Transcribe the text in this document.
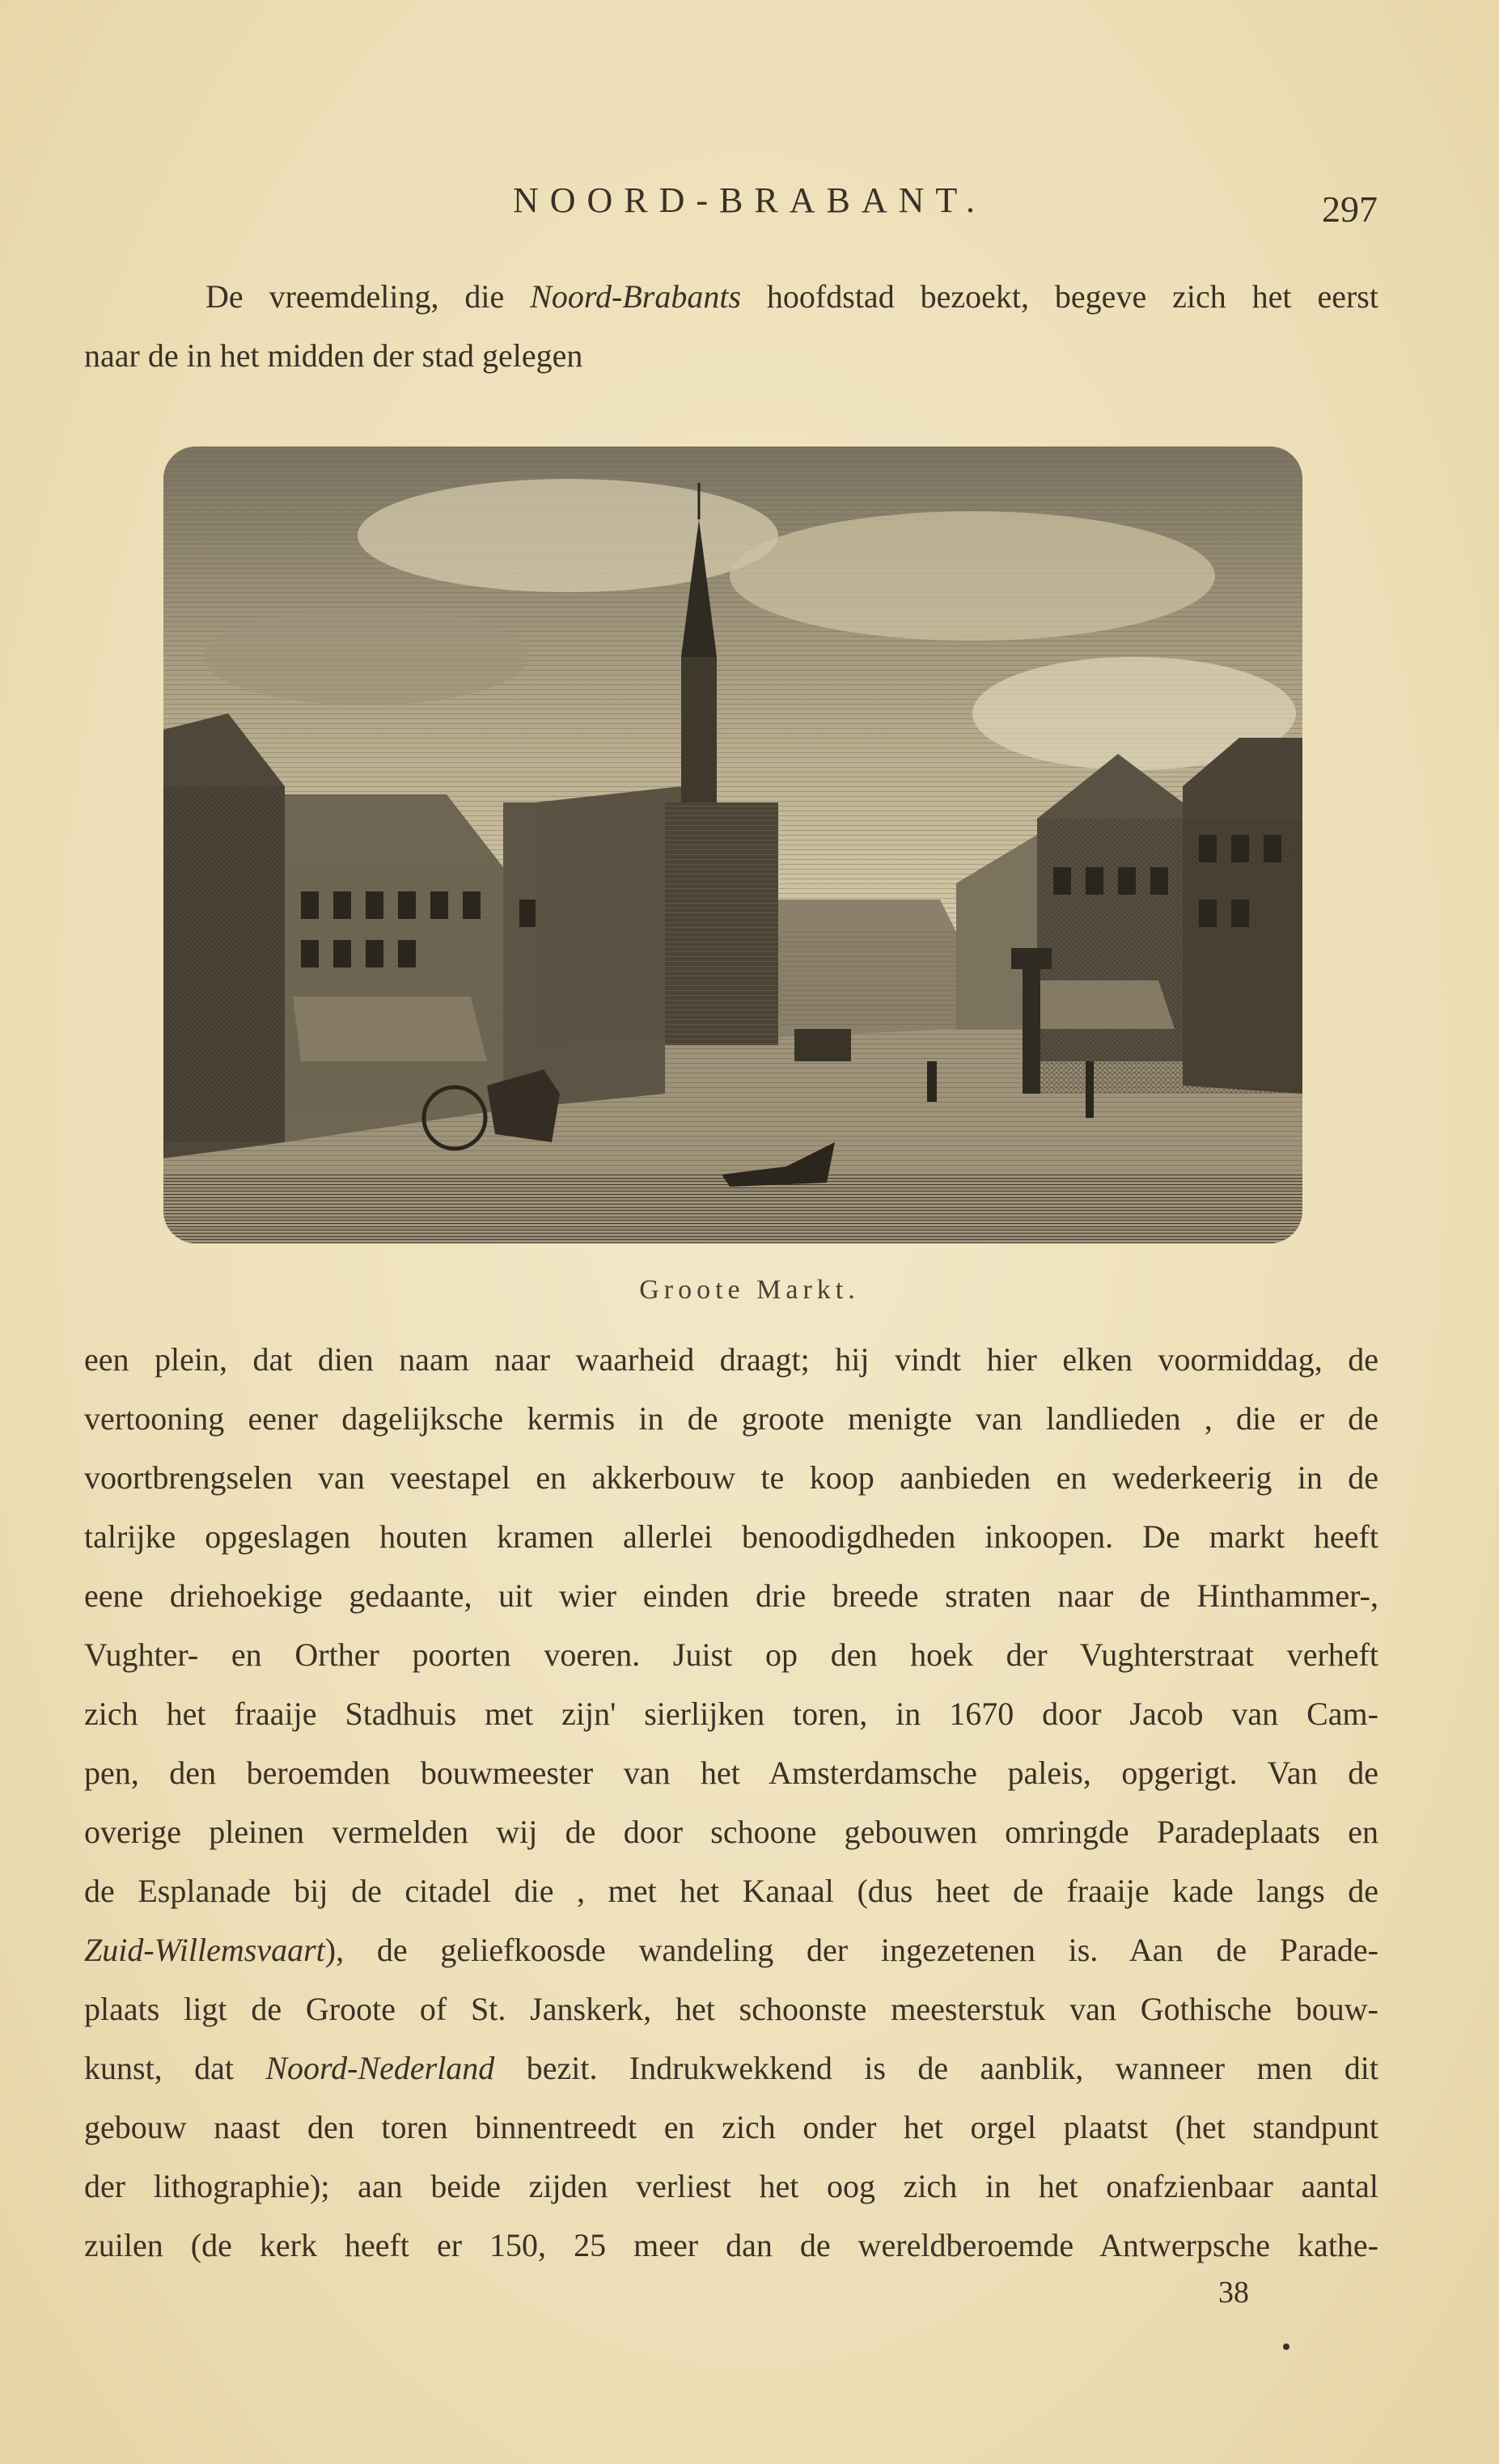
NOORD-BRABANT.	297
De vreemdeling, die Noord-Brabants hoofdstad bezoekt, begeve zich het eerst
naar de in het midden der stad gelegen
Groote Markt.
een plein, dat dien naam naar waarheid draagt; hij vindt hier elken voormiddag, de
vertooning eener dagelijksche kermis in de groote menigte van landlieden , die er de
voortbrengselen van veestapel en akkerbouw te koop aanbieden en wederkeerig in de
talrijke opgeslagen houten kramen allerlei benoodigdheden inkoopen. De markt heeft
eene driehoekige gedaante, uit wier einden drie breede straten naar de Hinthammer-,
Vughter- en Orther poorten voeren. Juist op den hoek der Vughterstraat verheft
zich het fraaije Stadhuis met zijn' sierlijken toren, in 1670 door Jacob van Cam-
pen, den beroemden bouwmeester van het Amsterdamsche paleis, opgerigt. Van de
overige pleinen vermelden wij de door schoone gebouwen omringde Paradeplaats en
de Esplanade bij de citadel die , met het Kanaal (dus heet de fraaije kade langs de
Zuid-Willemsvaart), de geliefkoosde wandeling der ingezetenen is. Aan de Parade-
plaats ligt de Groote of St. Janskerk, het schoonste meesterstuk van Gothische bouw-
kunst, dat Noord-Nederland bezit. Indrukwekkend is de aanblik, wanneer men dit
gebouw naast den toren binnentreedt en zich onder het orgel plaatst (het standpunt
der lithographie); aan beide zijden verliest het oog zich in het onafzienbaar aantal
zuilen (de kerk heeft er 150, 25 meer dan de wereldberoemde Antwerpsche kathe-
38
